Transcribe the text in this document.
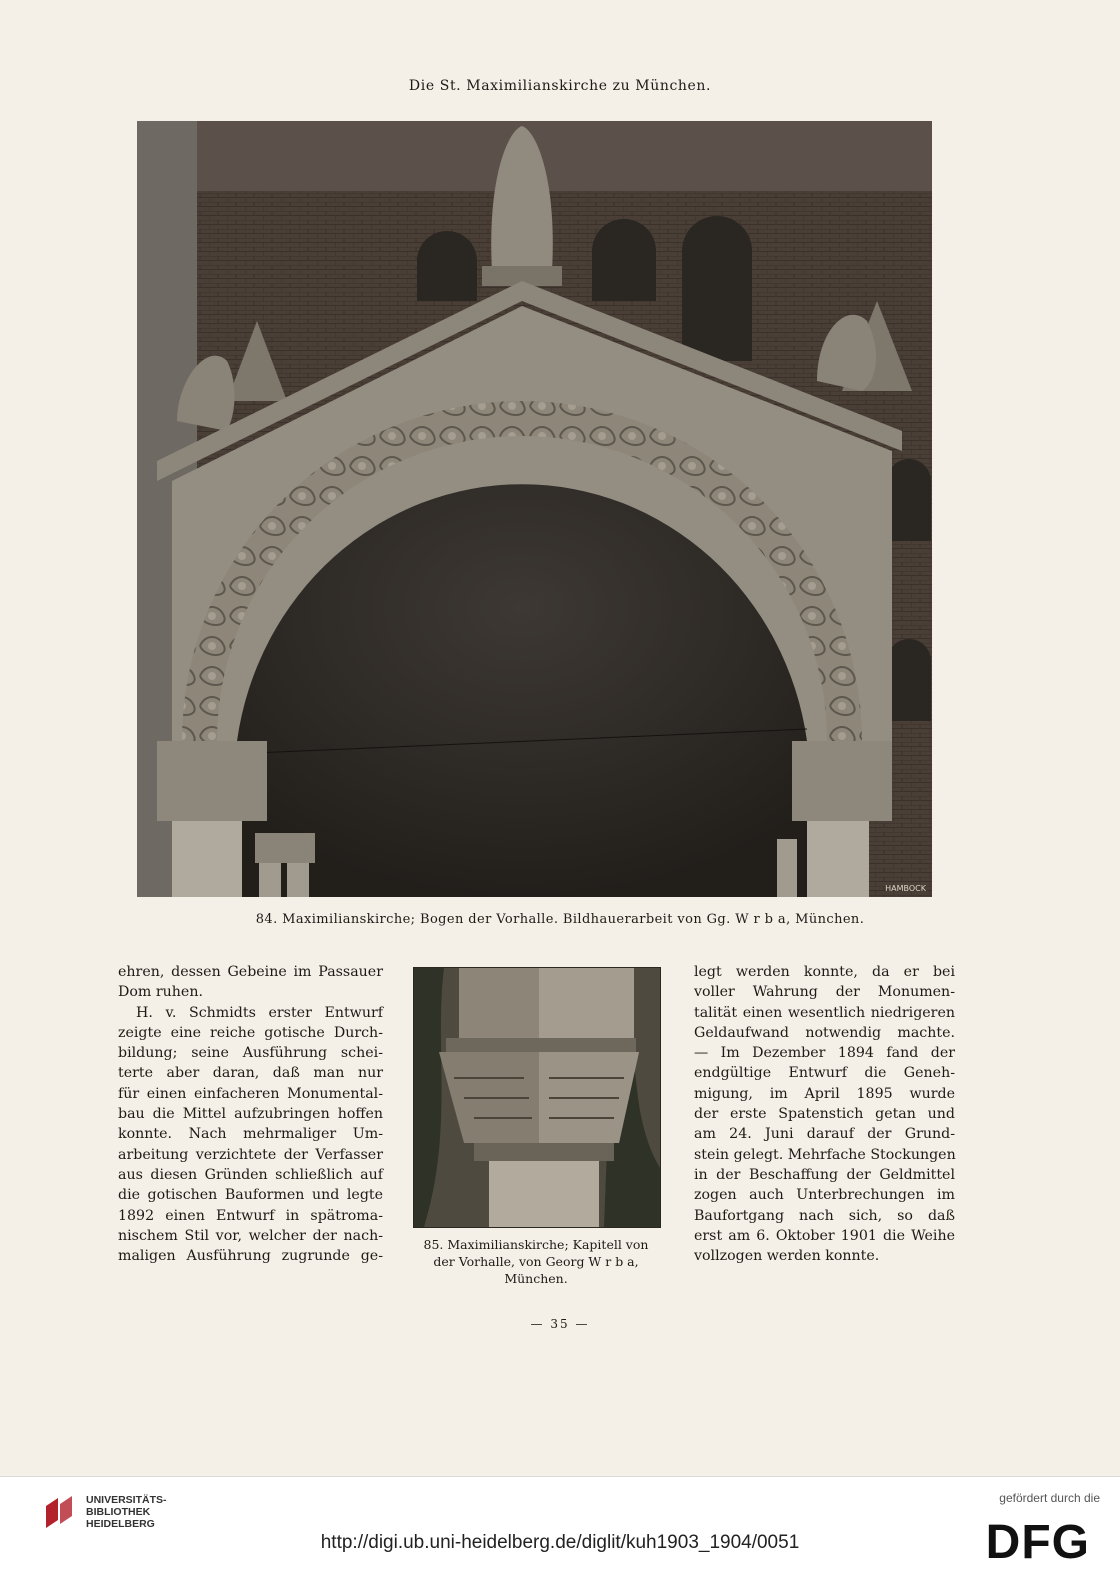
Die St. Maximilianskirche zu München.
HAMBOCK
84. Maximilianskirche; Bogen der Vorhalle. Bildhauerarbeit von Gg. W r b a, München.
ehren, dessen Gebeine im Passauer
Dom ruhen.
H. v. Schmidts erster Entwurf
zeigte eine reiche gotische Durch-
bildung; seine Ausführung schei-
terte aber daran, daß man nur
für einen einfacheren Monumental-
bau die Mittel aufzubringen hoffen
konnte. Nach mehrmaliger Um-
arbeitung verzichtete der Verfasser
aus diesen Gründen schließlich auf
die gotischen Bauformen und legte
1892 einen Entwurf in spätroma-
nischem Stil vor, welcher der nach-
maligen Ausführung zugrunde ge-
85. Maximilianskirche; Kapitell von
der Vorhalle, von Georg W r b a,
München.
legt werden konnte, da er bei
voller Wahrung der Monumen-
talität einen wesentlich niedrigeren
Geldaufwand notwendig machte.
— Im Dezember 1894 fand der
endgültige Entwurf die Geneh-
migung, im April 1895 wurde
der erste Spatenstich getan und
am 24. Juni darauf der Grund-
stein gelegt. Mehrfache Stockungen
in der Beschaffung der Geldmittel
zogen auch Unterbrechungen im
Baufortgang nach sich, so daß
erst am 6. Oktober 1901 die Weihe
vollzogen werden konnte.
— 35 —
UNIVERSITÄTS-
BIBLIOTHEK
HEIDELBERG
http://digi.ub.uni-heidelberg.de/diglit/kuh1903_1904/0051
gefördert durch die
DFG
